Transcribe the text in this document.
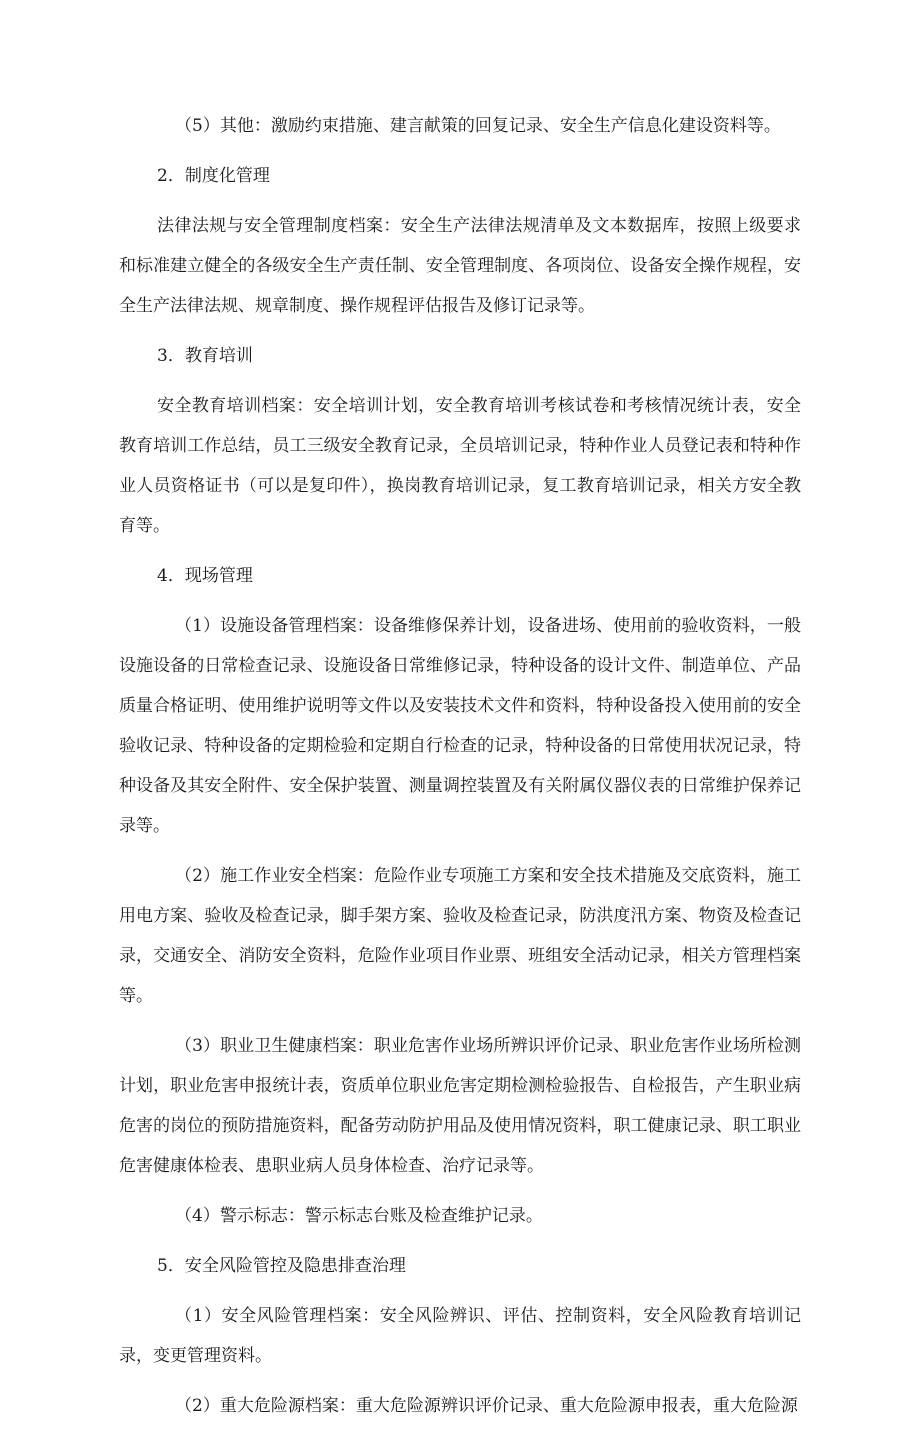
（5）其他：激励约束措施、建言献策的回复记录、安全生产信息化建设资料等。

2．制度化管理

法律法规与安全管理制度档案：安全生产法律法规清单及文本数据库，按照上级要求和标准建立健全的各级安全生产责任制、安全管理制度、各项岗位、设备安全操作规程，安全生产法律法规、规章制度、操作规程评估报告及修订记录等。

3．教育培训

安全教育培训档案：安全培训计划，安全教育培训考核试卷和考核情况统计表，安全教育培训工作总结，员工三级安全教育记录，全员培训记录，特种作业人员登记表和特种作业人员资格证书（可以是复印件），换岗教育培训记录，复工教育培训记录，相关方安全教育等。

4．现场管理

（1）设施设备管理档案：设备维修保养计划，设备进场、使用前的验收资料，一般设施设备的日常检查记录、设施设备日常维修记录，特种设备的设计文件、制造单位、产品质量合格证明、使用维护说明等文件以及安装技术文件和资料，特种设备投入使用前的安全验收记录、特种设备的定期检验和定期自行检查的记录，特种设备的日常使用状况记录，特种设备及其安全附件、安全保护装置、测量调控装置及有关附属仪器仪表的日常维护保养记录等。

（2）施工作业安全档案：危险作业专项施工方案和安全技术措施及交底资料，施工用电方案、验收及检查记录，脚手架方案、验收及检查记录，防洪度汛方案、物资及检查记录，交通安全、消防安全资料，危险作业项目作业票、班组安全活动记录，相关方管理档案等。

（3）职业卫生健康档案：职业危害作业场所辨识评价记录、职业危害作业场所检测计划，职业危害申报统计表，资质单位职业危害定期检测检验报告、自检报告，产生职业病危害的岗位的预防措施资料，配备劳动防护用品及使用情况资料，职工健康记录、职工职业危害健康体检表、患职业病人员身体检查、治疗记录等。

（4）警示标志：警示标志台账及检查维护记录。

5．安全风险管控及隐患排查治理

（1）安全风险管理档案：安全风险辨识、评估、控制资料，安全风险教育培训记录，变更管理资料。

（2）重大危险源档案：重大危险源辨识评价记录、重大危险源申报表，重大危险源
